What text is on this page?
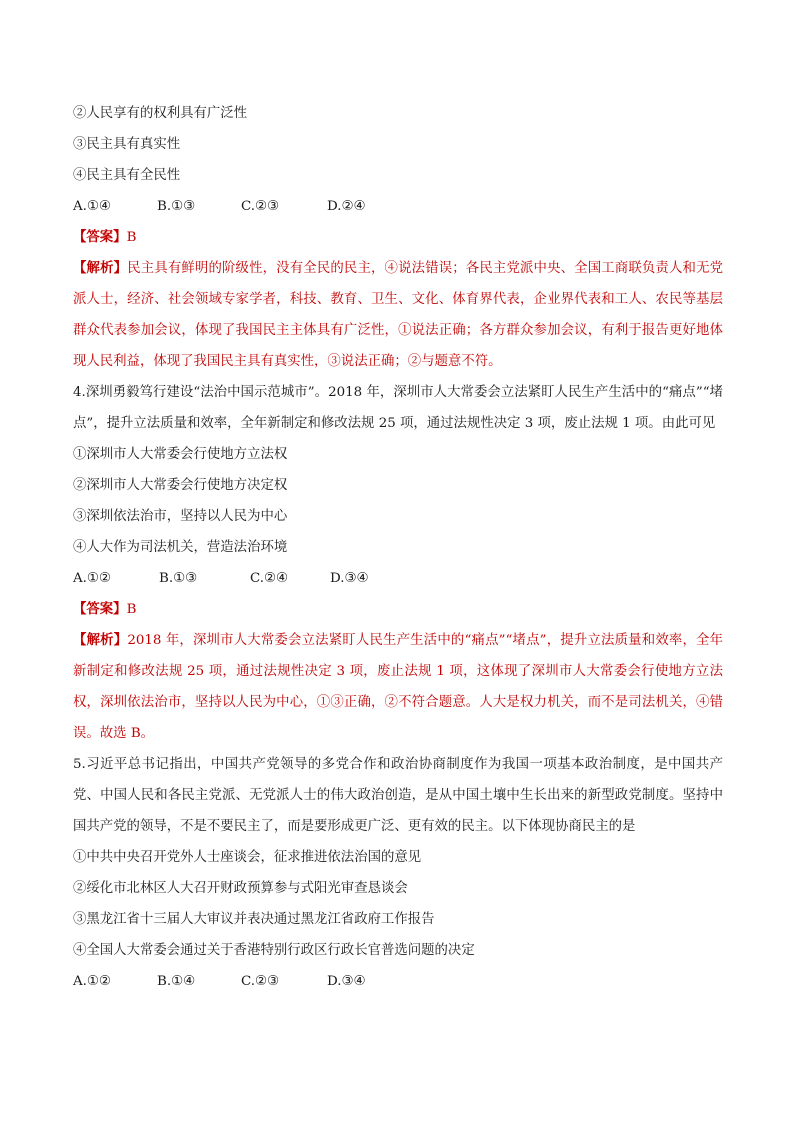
②人民享有的权利具有广泛性
③民主具有真实性
④民主具有全民性
A.①④	B.①③	C.②③	D.②④
【答案】B
【解析】民主具有鲜明的阶级性，没有全民的民主，④说法错误；各民主党派中央、全国工商联负责人和无党派人士，经济、社会领域专家学者，科技、教育、卫生、文化、体育界代表，企业界代表和工人、农民等基层群众代表参加会议，体现了我国民主主体具有广泛性，①说法正确；各方群众参加会议，有利于报告更好地体现人民利益，体现了我国民主具有真实性，③说法正确；②与题意不符。
4.深圳勇毅笃行建设“法治中国示范城市”。2018 年，深圳市人大常委会立法紧盯人民生产生活中的“痛点”“堵点”，提升立法质量和效率，全年新制定和修改法规 25 项，通过法规性决定 3 项，废止法规 1 项。由此可见
①深圳市人大常委会行使地方立法权
②深圳市人大常委会行使地方决定权
③深圳依法治市，坚持以人民为中心
④人大作为司法机关，营造法治环境
A.①②	B.①③	C.②④	D.③④
【答案】B
【解析】2018 年，深圳市人大常委会立法紧盯人民生产生活中的“痛点”“堵点”，提升立法质量和效率，全年新制定和修改法规 25 项，通过法规性决定 3 项，废止法规 1 项，这体现了深圳市人大常委会行使地方立法权，深圳依法治市，坚持以人民为中心，①③正确，②不符合题意。人大是权力机关，而不是司法机关，④错误。故选 B。
5.习近平总书记指出，中国共产党领导的多党合作和政治协商制度作为我国一项基本政治制度，是中国共产党、中国人民和各民主党派、无党派人士的伟大政治创造，是从中国土壤中生长出来的新型政党制度。坚持中国共产党的领导，不是不要民主了，而是要形成更广泛、更有效的民主。以下体现协商民主的是
①中共中央召开党外人士座谈会，征求推进依法治国的意见
②绥化市北林区人大召开财政预算参与式阳光审查恳谈会
③黑龙江省十三届人大审议并表决通过黑龙江省政府工作报告
④全国人大常委会通过关于香港特别行政区行政长官普选问题的决定
A.①②	B.①④	C.②③	D.③④
